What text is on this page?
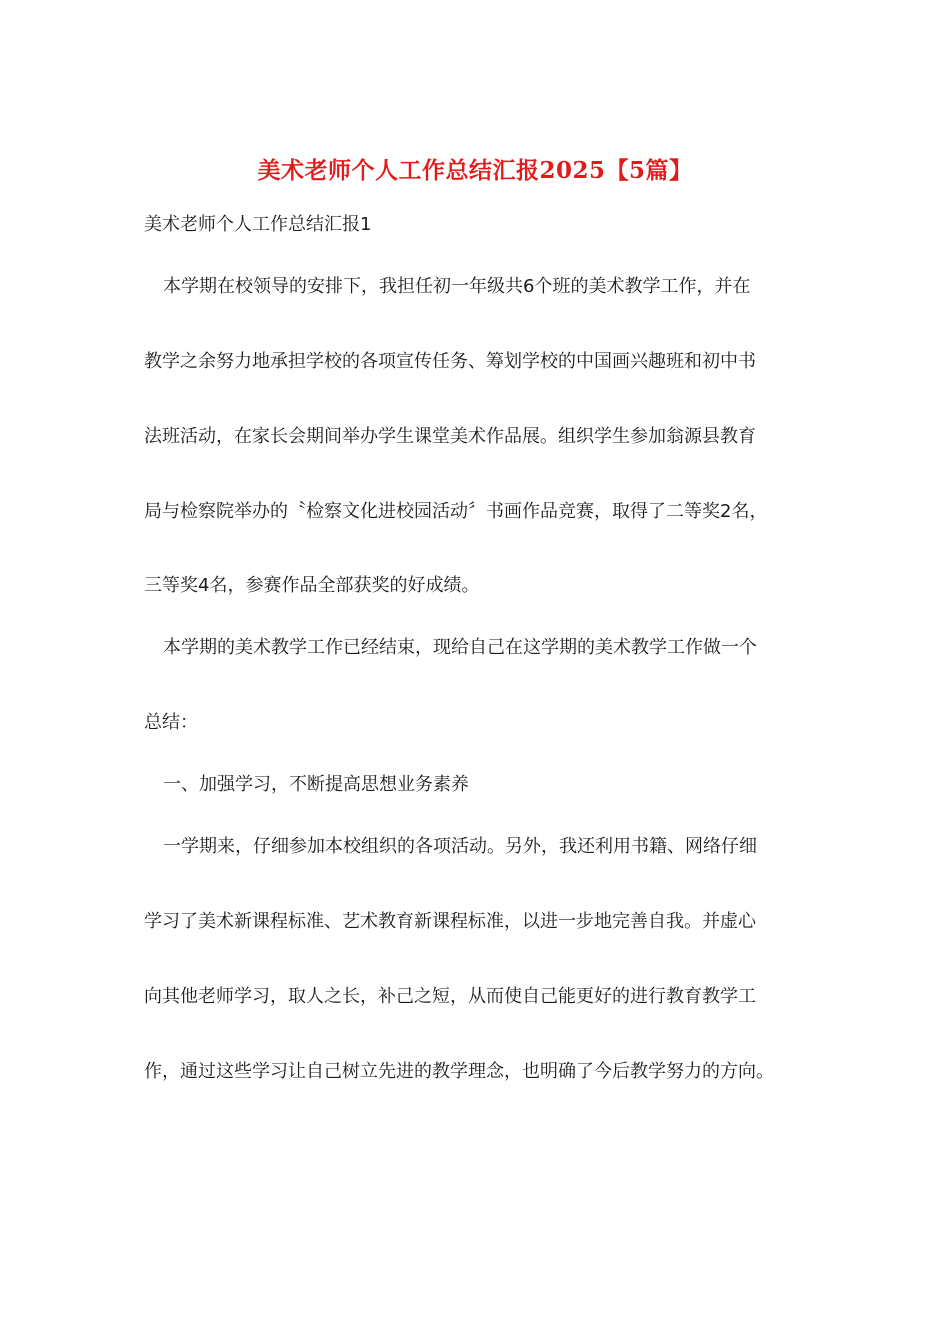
美术老师个人工作总结汇报2025【5篇】
美术老师个人工作总结汇报1
本学期在校领导的安排下，我担任初一年级共6个班的美术教学工作，并在
教学之余努力地承担学校的各项宣传任务、筹划学校的中国画兴趣班和初中书
法班活动，在家长会期间举办学生课堂美术作品展。组织学生参加翁源县教育
局与检察院举办的〝检察文化进校园活动〞书画作品竞赛，取得了二等奖2名，
三等奖4名，参赛作品全部获奖的好成绩。
本学期的美术教学工作已经结束，现给自己在这学期的美术教学工作做一个
总结：
一、加强学习，不断提高思想业务素养
一学期来，仔细参加本校组织的各项活动。另外，我还利用书籍、网络仔细
学习了美术新课程标准、艺术教育新课程标准，以进一步地完善自我。并虚心
向其他老师学习，取人之长，补己之短，从而使自己能更好的进行教育教学工
作，通过这些学习让自己树立先进的教学理念，也明确了今后教学努力的方向。
